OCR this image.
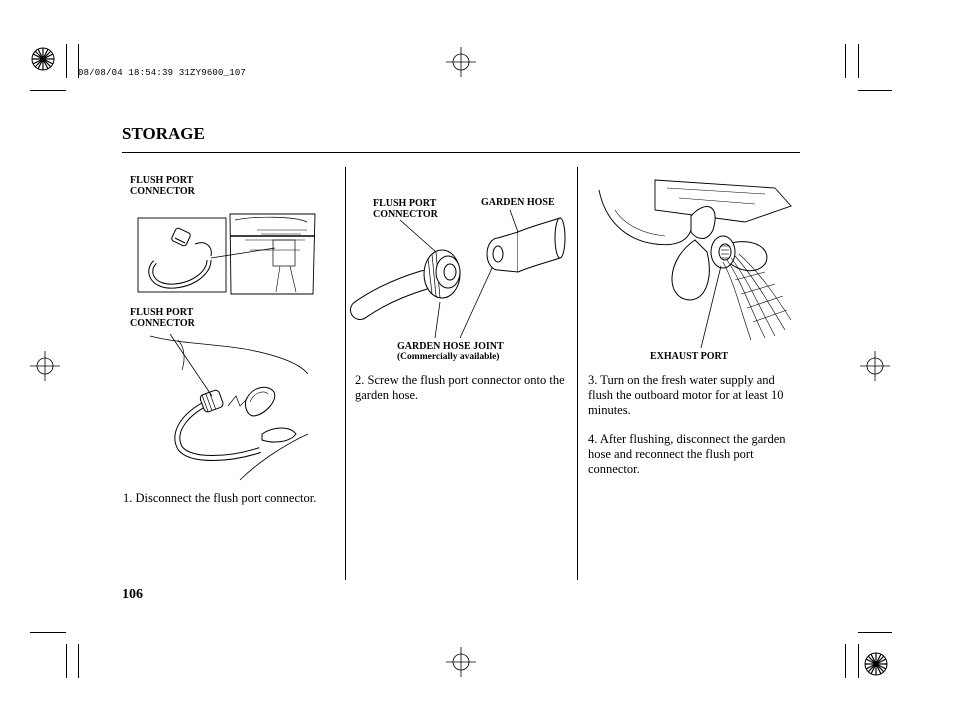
08/08/04 18:54:39 31ZY9600_107
STORAGE
FLUSH PORT
CONNECTOR
FLUSH PORT
CONNECTOR
1. Disconnect the flush port connector.
FLUSH PORT
CONNECTOR
GARDEN HOSE
GARDEN HOSE JOINT
(Commercially available)
2. Screw the flush port connector onto the garden hose.
EXHAUST PORT
3. Turn on the fresh water supply and flush the outboard motor for at least 10 minutes.
4. After flushing, disconnect the garden hose and reconnect the flush port connector.
106
